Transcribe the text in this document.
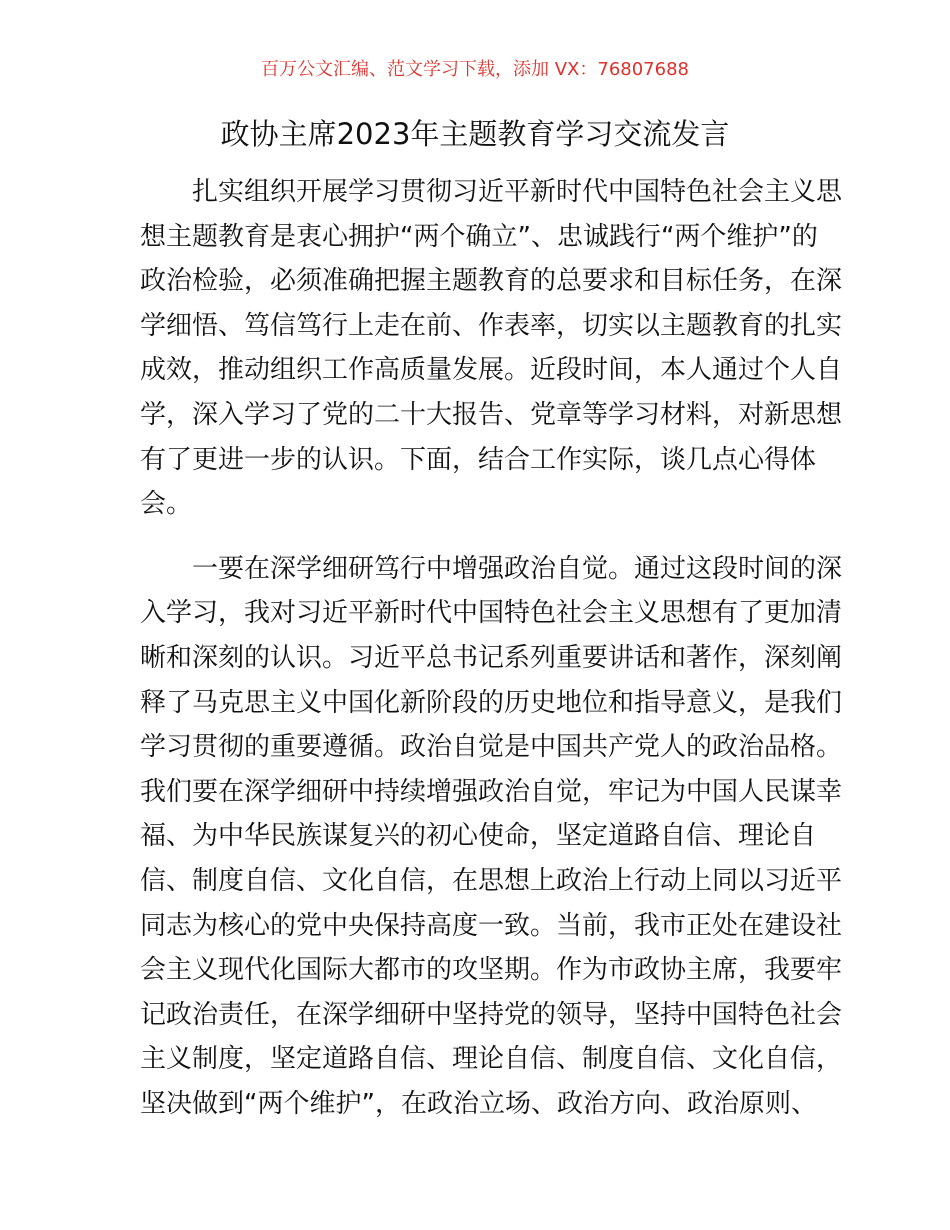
百万公文汇编、范文学习下载，添加 VX：76807688
政协主席2023年主题教育学习交流发言
扎实组织开展学习贯彻习近平新时代中国特色社会主义思
想主题教育是衷心拥护“两个确立”、忠诚践行“两个维护”的
政治检验，必须准确把握主题教育的总要求和目标任务，在深
学细悟、笃信笃行上走在前、作表率，切实以主题教育的扎实
成效，推动组织工作高质量发展。近段时间，本人通过个人自
学，深入学习了党的二十大报告、党章等学习材料，对新思想
有了更进一步的认识。下面，结合工作实际，谈几点心得体
会。
一要在深学细研笃行中增强政治自觉。通过这段时间的深
入学习，我对习近平新时代中国特色社会主义思想有了更加清
晰和深刻的认识。习近平总书记系列重要讲话和著作，深刻阐
释了马克思主义中国化新阶段的历史地位和指导意义，是我们
学习贯彻的重要遵循。政治自觉是中国共产党人的政治品格。
我们要在深学细研中持续增强政治自觉，牢记为中国人民谋幸
福、为中华民族谋复兴的初心使命，坚定道路自信、理论自
信、制度自信、文化自信，在思想上政治上行动上同以习近平
同志为核心的党中央保持高度一致。当前，我市正处在建设社
会主义现代化国际大都市的攻坚期。作为市政协主席，我要牢
记政治责任，在深学细研中坚持党的领导，坚持中国特色社会
主义制度，坚定道路自信、理论自信、制度自信、文化自信，
坚决做到“两个维护”，在政治立场、政治方向、政治原则、
